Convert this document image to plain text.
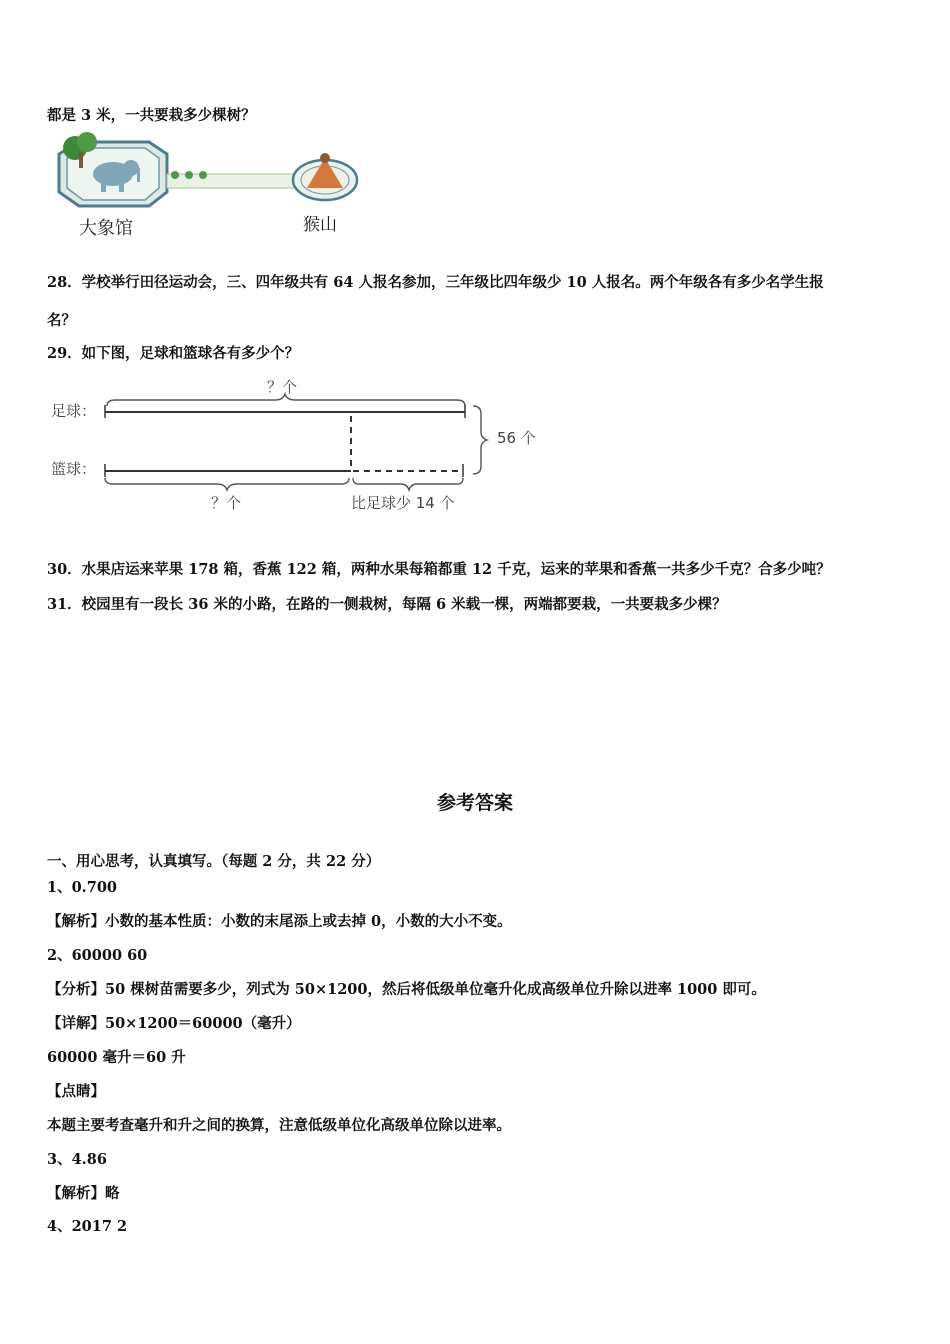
都是 3 米，一共要栽多少棵树？
大象馆	猴山
28．学校举行田径运动会，三、四年级共有 64 人报名参加，三年级比四年级少 10 人报名。两个年级各有多少名学生报
名？
29．如下图，足球和篮球各有多少个？
？个
足球：
56 个
篮球：
？个	比足球少 14 个
30．水果店运来苹果 178 箱，香蕉 122 箱，两种水果每箱都重 12 千克，运来的苹果和香蕉一共多少千克？合多少吨？
31．校园里有一段长 36 米的小路，在路的一侧栽树，每隔 6 米载一棵，两端都要栽，一共要栽多少棵？
参考答案
一、用心思考，认真填写。（每题 2 分，共 22 分）
1、0.700
【解析】小数的基本性质：小数的末尾添上或去掉 0，小数的大小不变。
2、60000 60
【分析】50 棵树苗需要多少，列式为 50×1200，然后将低级单位毫升化成高级单位升除以进率 1000 即可。
【详解】50×1200＝60000（毫升）
60000 毫升＝60 升
【点睛】
本题主要考查毫升和升之间的换算，注意低级单位化高级单位除以进率。
3、4.86
【解析】略
4、2017 2
